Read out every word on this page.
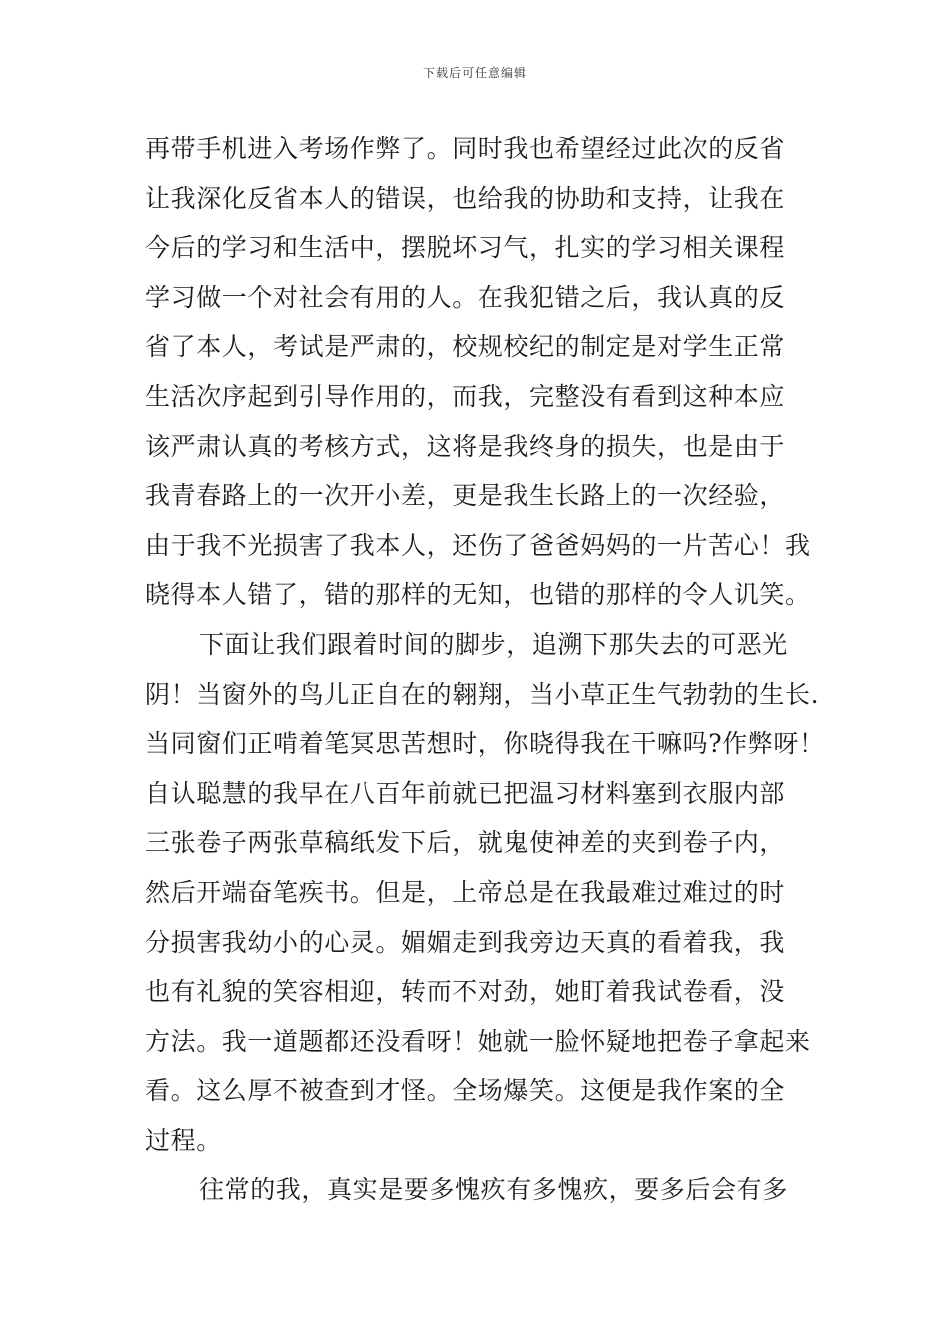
下载后可任意编辑
再带手机进入考场作弊了。同时我也希望经过此次的反省
让我深化反省本人的错误，也给我的协助和支持，让我在
今后的学习和生活中，摆脱坏习气，扎实的学习相关课程
学习做一个对社会有用的人。在我犯错之后，我认真的反
省了本人，考试是严肃的，校规校纪的制定是对学生正常
生活次序起到引导作用的，而我，完整没有看到这种本应
该严肃认真的考核方式，这将是我终身的损失，也是由于
我青春路上的一次开小差，更是我生长路上的一次经验，
由于我不光损害了我本人，还伤了爸爸妈妈的一片苦心！我
晓得本人错了，错的那样的无知，也错的那样的令人讥笑。
下面让我们跟着时间的脚步，追溯下那失去的可恶光
阴！当窗外的鸟儿正自在的翱翔，当小草正生气勃勃的生长.
当同窗们正啃着笔冥思苦想时，你晓得我在干嘛吗?作弊呀！
自认聪慧的我早在八百年前就已把温习材料塞到衣服内部
三张卷子两张草稿纸发下后，就鬼使神差的夹到卷子内，
然后开端奋笔疾书。但是，上帝总是在我最难过难过的时
分损害我幼小的心灵。媚媚走到我旁边天真的看着我，我
也有礼貌的笑容相迎，转而不对劲，她盯着我试卷看，没
方法。我一道题都还没看呀！她就一脸怀疑地把卷子拿起来
看。这么厚不被查到才怪。全场爆笑。这便是我作案的全
过程。
往常的我，真实是要多愧疚有多愧疚，要多后会有多
